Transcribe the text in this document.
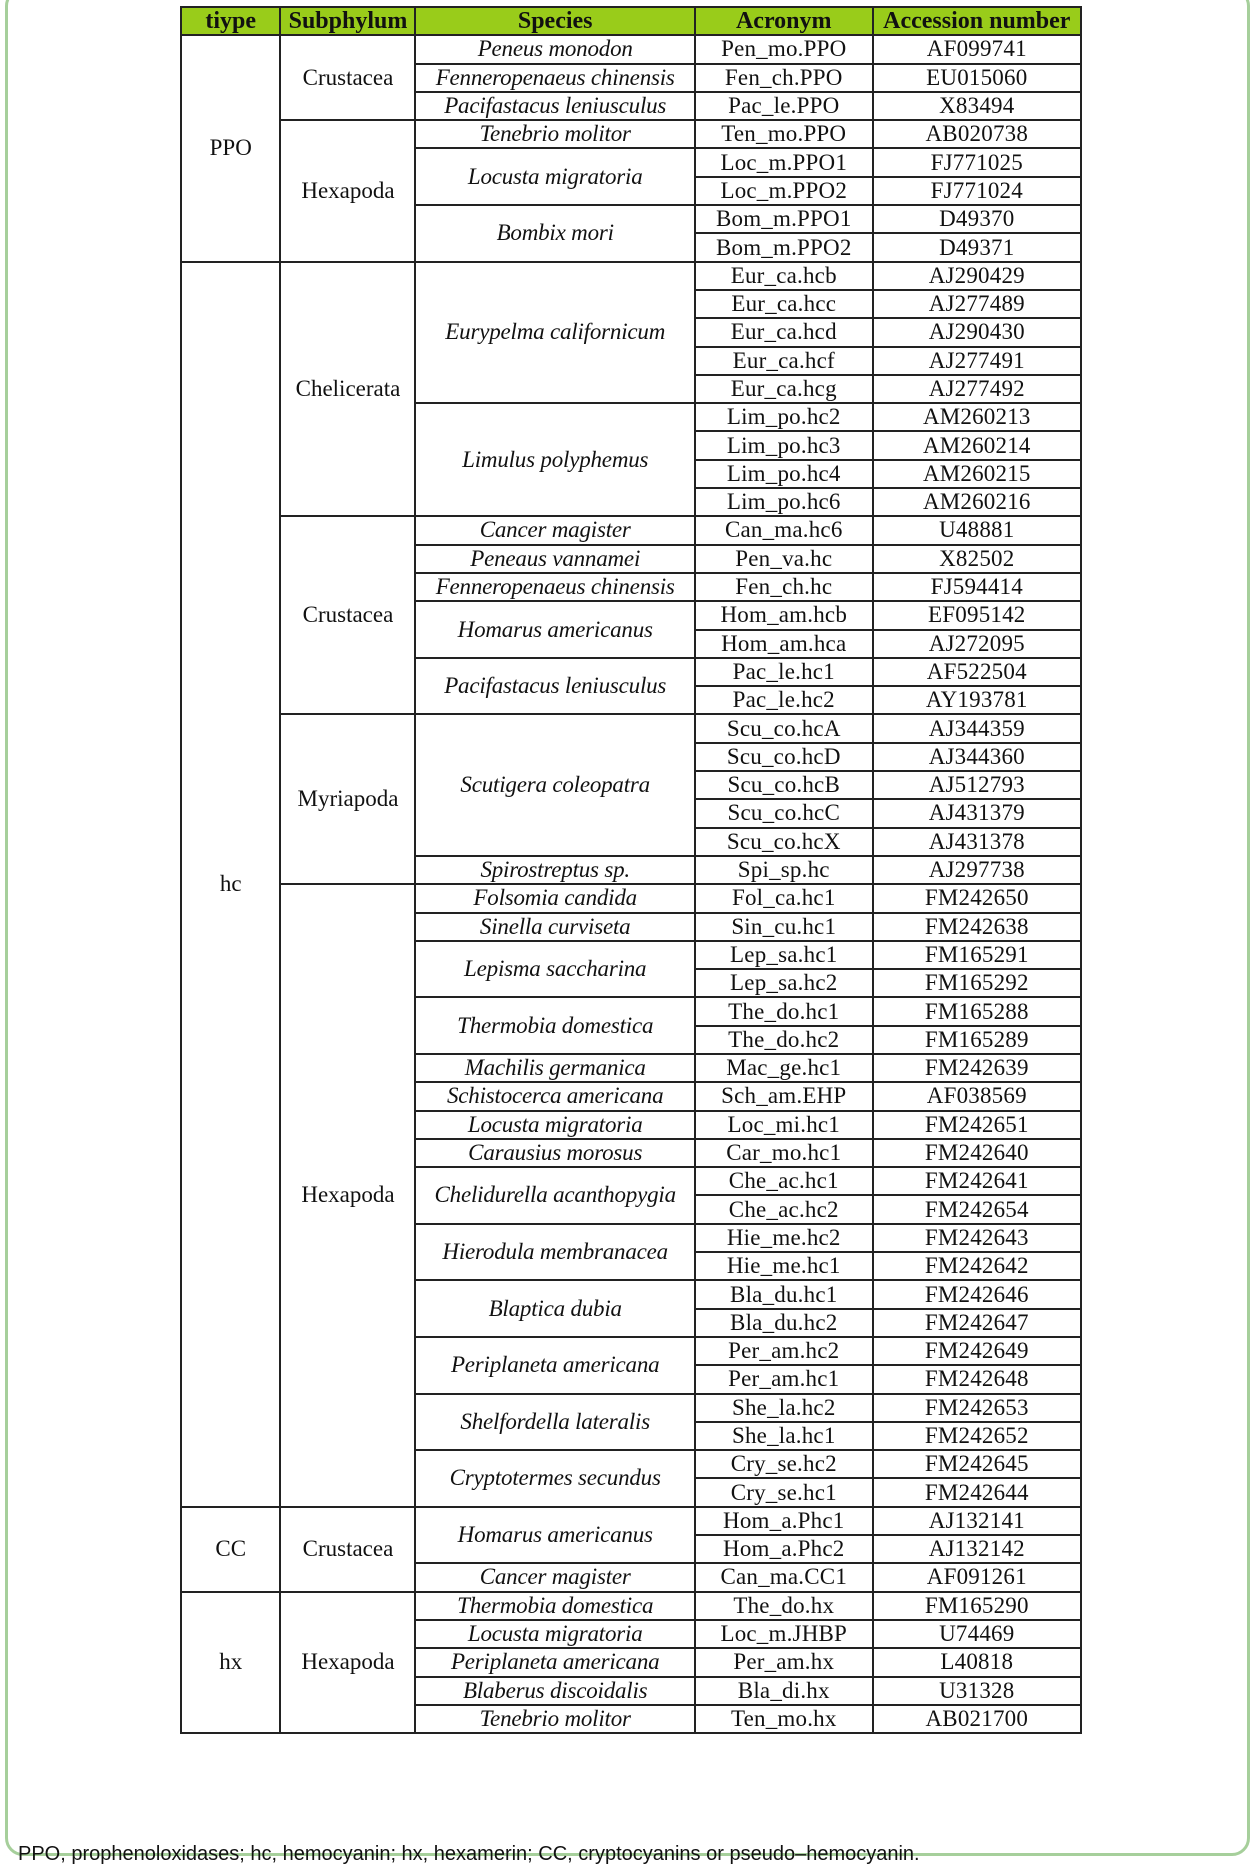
tiype	Subphylum	Species	Acronym	Accession number
PPO	Crustacea	Peneus monodon	Pen_mo.PPO	AF099741
		Fenneropenaeus chinensis	Fen_ch.PPO	EU015060
		Pacifastacus leniusculus	Pac_le.PPO	X83494
	Hexapoda	Tenebrio molitor	Ten_mo.PPO	AB020738
		Locusta migratoria	Loc_m.PPO1	FJ771025
			Loc_m.PPO2	FJ771024
		Bombix mori	Bom_m.PPO1	D49370
			Bom_m.PPO2	D49371
hc	Chelicerata	Eurypelma californicum	Eur_ca.hcb	AJ290429
			Eur_ca.hcc	AJ277489
			Eur_ca.hcd	AJ290430
			Eur_ca.hcf	AJ277491
			Eur_ca.hcg	AJ277492
		Limulus polyphemus	Lim_po.hc2	AM260213
			Lim_po.hc3	AM260214
			Lim_po.hc4	AM260215
			Lim_po.hc6	AM260216
	Crustacea	Cancer magister	Can_ma.hc6	U48881
		Peneaus vannamei	Pen_va.hc	X82502
		Fenneropenaeus chinensis	Fen_ch.hc	FJ594414
		Homarus americanus	Hom_am.hcb	EF095142
			Hom_am.hca	AJ272095
		Pacifastacus leniusculus	Pac_le.hc1	AF522504
			Pac_le.hc2	AY193781
	Myriapoda	Scutigera coleopatra	Scu_co.hcA	AJ344359
			Scu_co.hcD	AJ344360
			Scu_co.hcB	AJ512793
			Scu_co.hcC	AJ431379
			Scu_co.hcX	AJ431378
		Spirostreptus sp.	Spi_sp.hc	AJ297738
	Hexapoda	Folsomia candida	Fol_ca.hc1	FM242650
		Sinella curviseta	Sin_cu.hc1	FM242638
		Lepisma saccharina	Lep_sa.hc1	FM165291
			Lep_sa.hc2	FM165292
		Thermobia domestica	The_do.hc1	FM165288
			The_do.hc2	FM165289
		Machilis germanica	Mac_ge.hc1	FM242639
		Schistocerca americana	Sch_am.EHP	AF038569
		Locusta migratoria	Loc_mi.hc1	FM242651
		Carausius morosus	Car_mo.hc1	FM242640
		Chelidurella acanthopygia	Che_ac.hc1	FM242641
			Che_ac.hc2	FM242654
		Hierodula membranacea	Hie_me.hc2	FM242643
			Hie_me.hc1	FM242642
		Blaptica dubia	Bla_du.hc1	FM242646
			Bla_du.hc2	FM242647
		Periplaneta americana	Per_am.hc2	FM242649
			Per_am.hc1	FM242648
		Shelfordella lateralis	She_la.hc2	FM242653
			She_la.hc1	FM242652
		Cryptotermes secundus	Cry_se.hc2	FM242645
			Cry_se.hc1	FM242644
CC	Crustacea	Homarus americanus	Hom_a.Phc1	AJ132141
			Hom_a.Phc2	AJ132142
		Cancer magister	Can_ma.CC1	AF091261
hx	Hexapoda	Thermobia domestica	The_do.hx	FM165290
		Locusta migratoria	Loc_m.JHBP	U74469
		Periplaneta americana	Per_am.hx	L40818
		Blaberus discoidalis	Bla_di.hx	U31328
		Tenebrio molitor	Ten_mo.hx	AB021700
PPO, prophenoloxidases; hc, hemocyanin; hx, hexamerin; CC, cryptocyanins or pseudo–hemocyanin.
